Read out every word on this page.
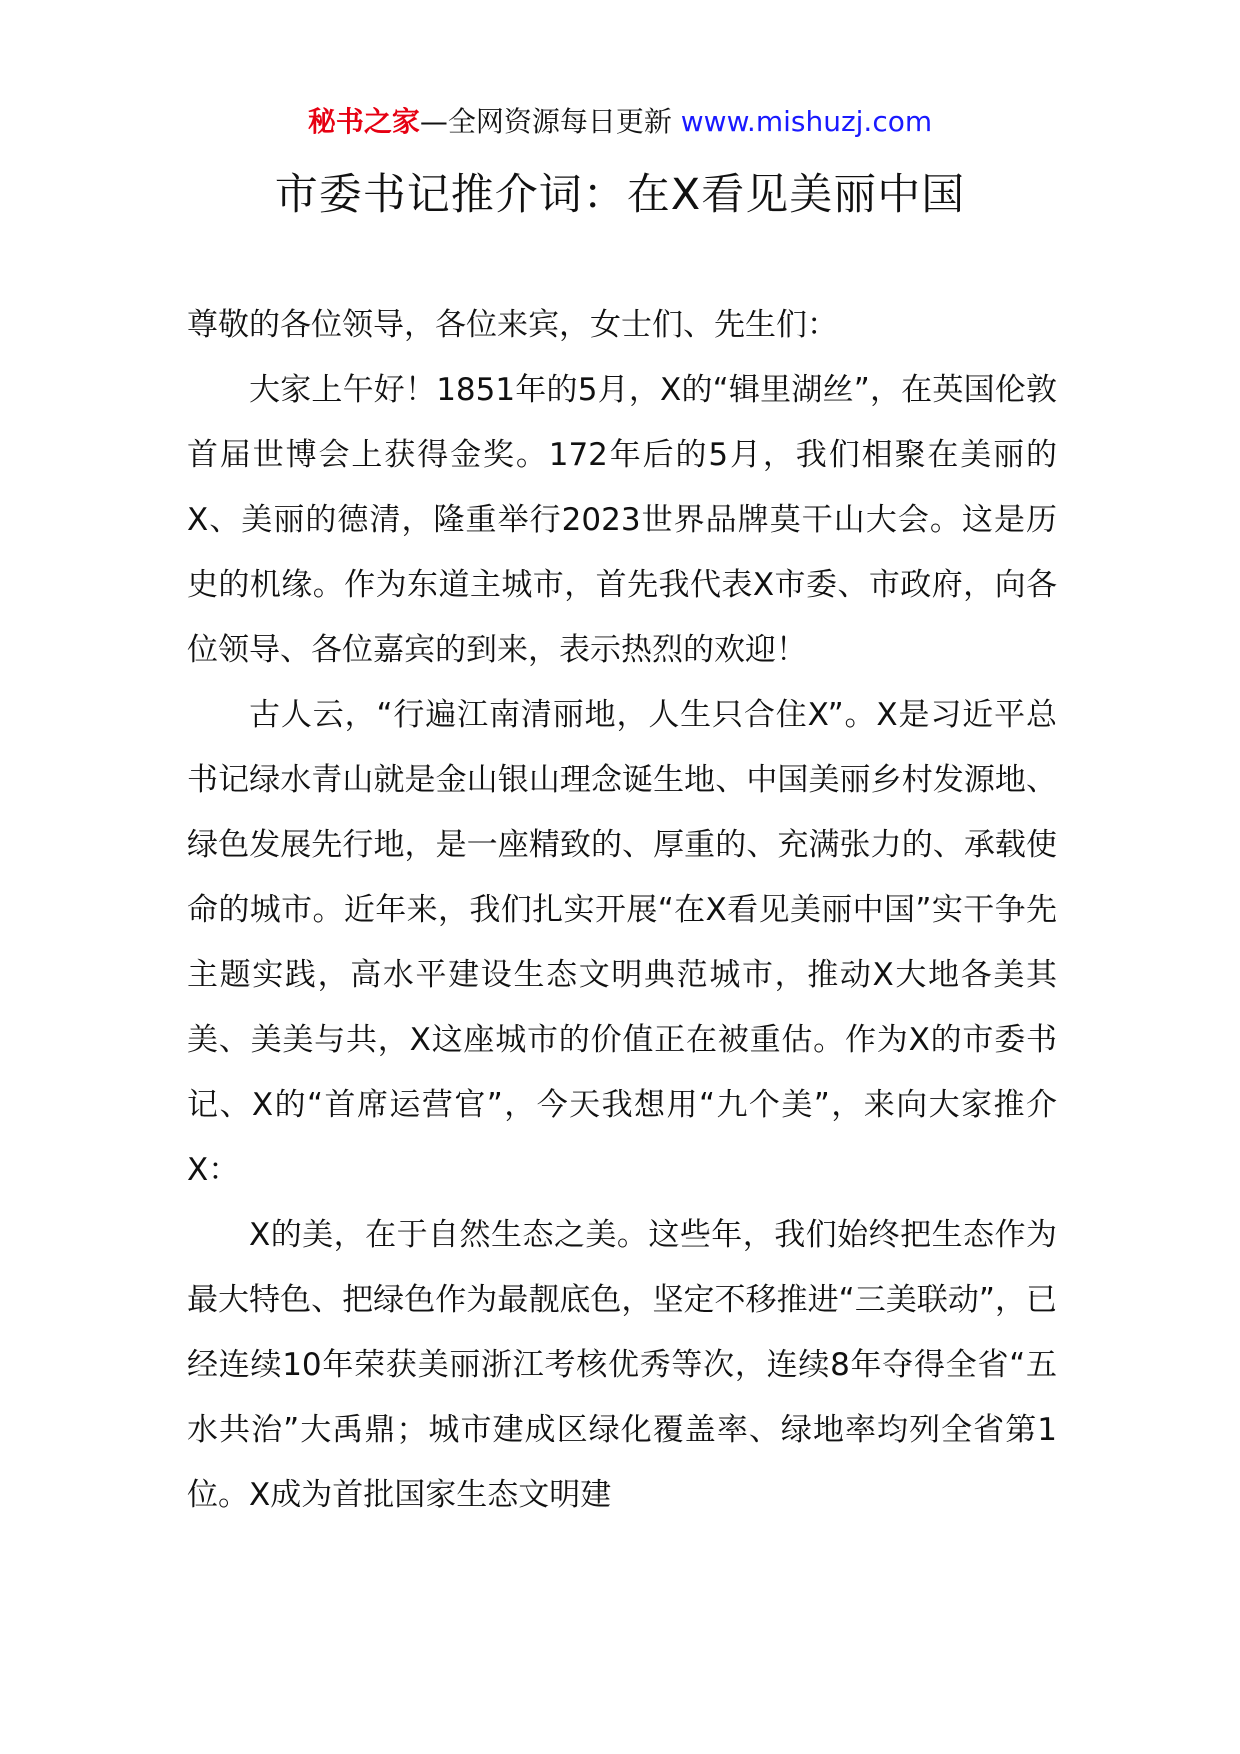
秘书之家—全网资源每日更新 www.mishuzj.com
市委书记推介词：在X看见美丽中国

尊敬的各位领导，各位来宾，女士们、先生们：

大家上午好！1851年的5月，X的“辑里湖丝”，在英国伦敦首届世博会上获得金奖。172年后的5月，我们相聚在美丽的X、美丽的德清，隆重举行2023世界品牌莫干山大会。这是历史的机缘。作为东道主城市，首先我代表X市委、市政府，向各位领导、各位嘉宾的到来，表示热烈的欢迎！

古人云，“行遍江南清丽地，人生只合住X”。X是习近平总书记绿水青山就是金山银山理念诞生地、中国美丽乡村发源地、绿色发展先行地，是一座精致的、厚重的、充满张力的、承载使命的城市。近年来，我们扎实开展“在X看见美丽中国”实干争先主题实践，高水平建设生态文明典范城市，推动X大地各美其美、美美与共，X这座城市的价值正在被重估。作为X的市委书记、X的“首席运营官”，今天我想用“九个美”，来向大家推介X：

X的美，在于自然生态之美。这些年，我们始终把生态作为最大特色、把绿色作为最靓底色，坚定不移推进“三美联动”，已经连续10年荣获美丽浙江考核优秀等次，连续8年夺得全省“五水共治”大禹鼎；城市建成区绿化覆盖率、绿地率均列全省第1位。X成为首批国家生态文明建
